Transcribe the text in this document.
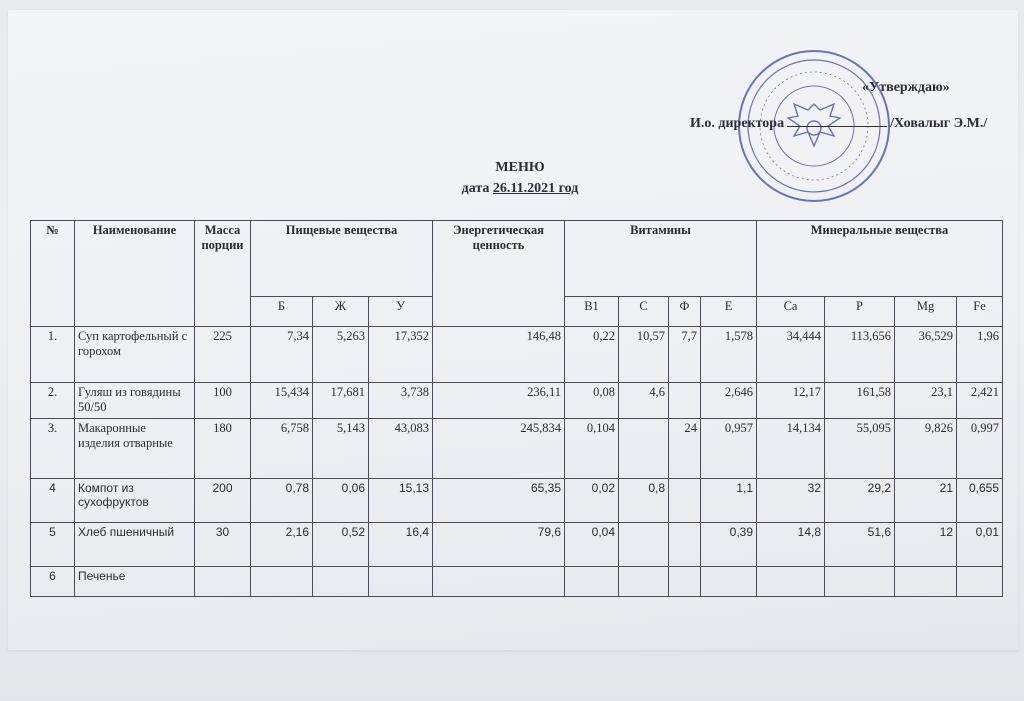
«Утверждаю»
И.о. директора	/Ховалыг Э.М./
МЕНЮ
дата 26.11.2021 год
№	Наименование	Масса порции	Пищевые вещества			Энергетическая ценность	Витамины				Минеральные вещества			
			Б	Ж	У		В1	С	Ф	Е	Ca	P	Mg	Fe
1.	Суп картофельный с горохом	225	7,34	5,263	17,352	146,48	0,22	10,57	7,7	1,578	34,444	113,656	36,529	1,96
2.	Гуляш из говядины 50/50	100	15,434	17,681	3,738	236,11	0,08	4,6		2,646	12,17	161,58	23,1	2,421
3.	Макаронные изделия отварные	180	6,758	5,143	43,083	245,834	0,104		24	0,957	14,134	55,095	9,826	0,997
4	Компот из сухофруктов	200	0,78	0,06	15,13	65,35	0,02	0,8		1,1	32	29,2	21	0,655
5	Хлеб пшеничный	30	2,16	0,52	16,4	79,6	0,04			0,39	14,8	51,6	12	0,01
6	Печенье													
